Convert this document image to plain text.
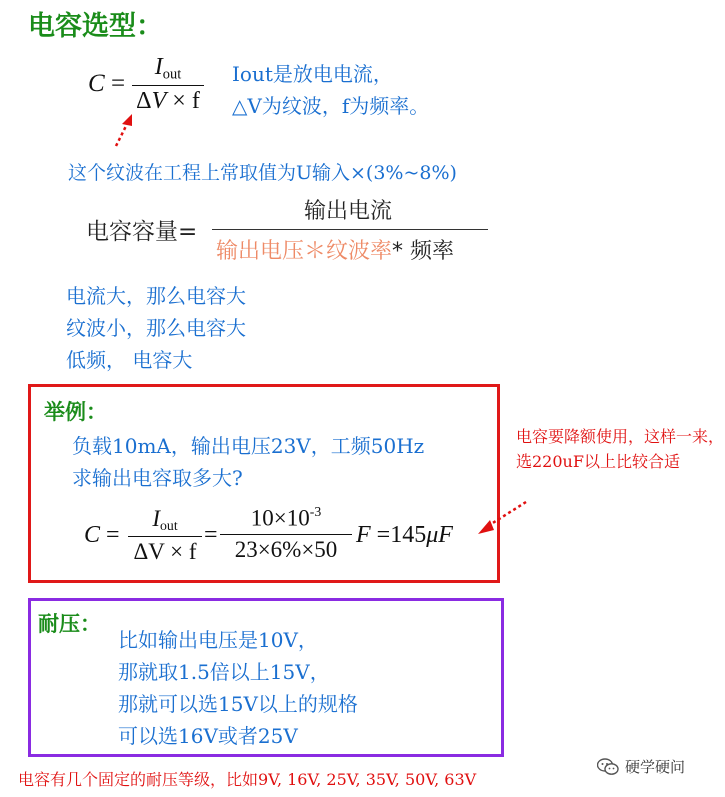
电容选型：
C =
$I_{out}$
ΔV × f
Iout是放电电流，
△V为纹波，f为频率。
这个纹波在工程上常取值为U输入×(3%~8%)
电容容量=
输出电流
输出电压＊纹波率* 频率
电流大，那么电容大
纹波小，那么电容大
低频， 电容大
举例：
负载10mA，输出电压23V，工频50Hz
求输出电容取多大?
C =
$I_{out}$
ΔV × f
= $\frac{10\times 10^{-3}}{23\times 6\%\times 50}$ F =145μF
电容要降额使用，这样一来，选220uF以上比较合适
耐压：
比如输出电压是10V，
那就取1.5倍以上15V，
那就可以选15V以上的规格
可以选16V或者25V
电容有几个固定的耐压等级，比如9V, 16V, 25V, 35V, 50V, 63V
硬学硬问
